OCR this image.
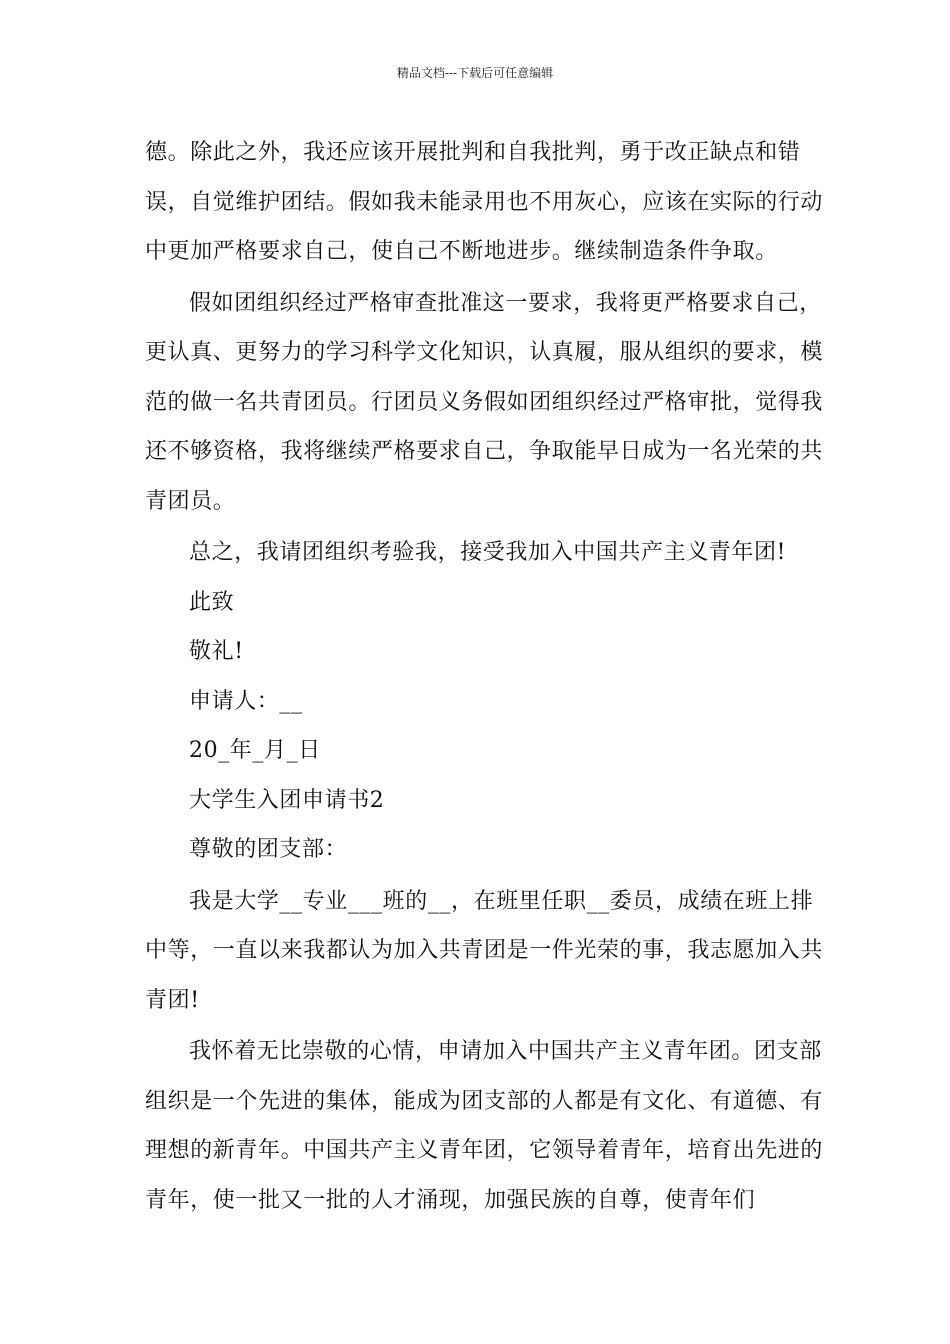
精品文档---下载后可任意编辑

德。除此之外，我还应该开展批判和自我批判，勇于改正缺点和错误，自觉维护团结。假如我未能录用也不用灰心，应该在实际的行动中更加严格要求自己，使自己不断地进步。继续制造条件争取。

假如团组织经过严格审查批准这一要求，我将更严格要求自己，更认真、更努力的学习科学文化知识，认真履，服从组织的要求，模范的做一名共青团员。行团员义务假如团组织经过严格审批，觉得我还不够资格，我将继续严格要求自己，争取能早日成为一名光荣的共青团员。

总之，我请团组织考验我，接受我加入中国共产主义青年团!

此致

敬礼!

申请人：__

20_年_月_日

大学生入团申请书2

尊敬的团支部：

我是大学__专业___班的__，在班里任职__委员，成绩在班上排中等，一直以来我都认为加入共青团是一件光荣的事，我志愿加入共青团!

我怀着无比崇敬的心情，申请加入中国共产主义青年团。团支部组织是一个先进的集体，能成为团支部的人都是有文化、有道德、有理想的新青年。中国共产主义青年团，它领导着青年，培育出先进的青年，使一批又一批的人才涌现，加强民族的自尊，使青年们
